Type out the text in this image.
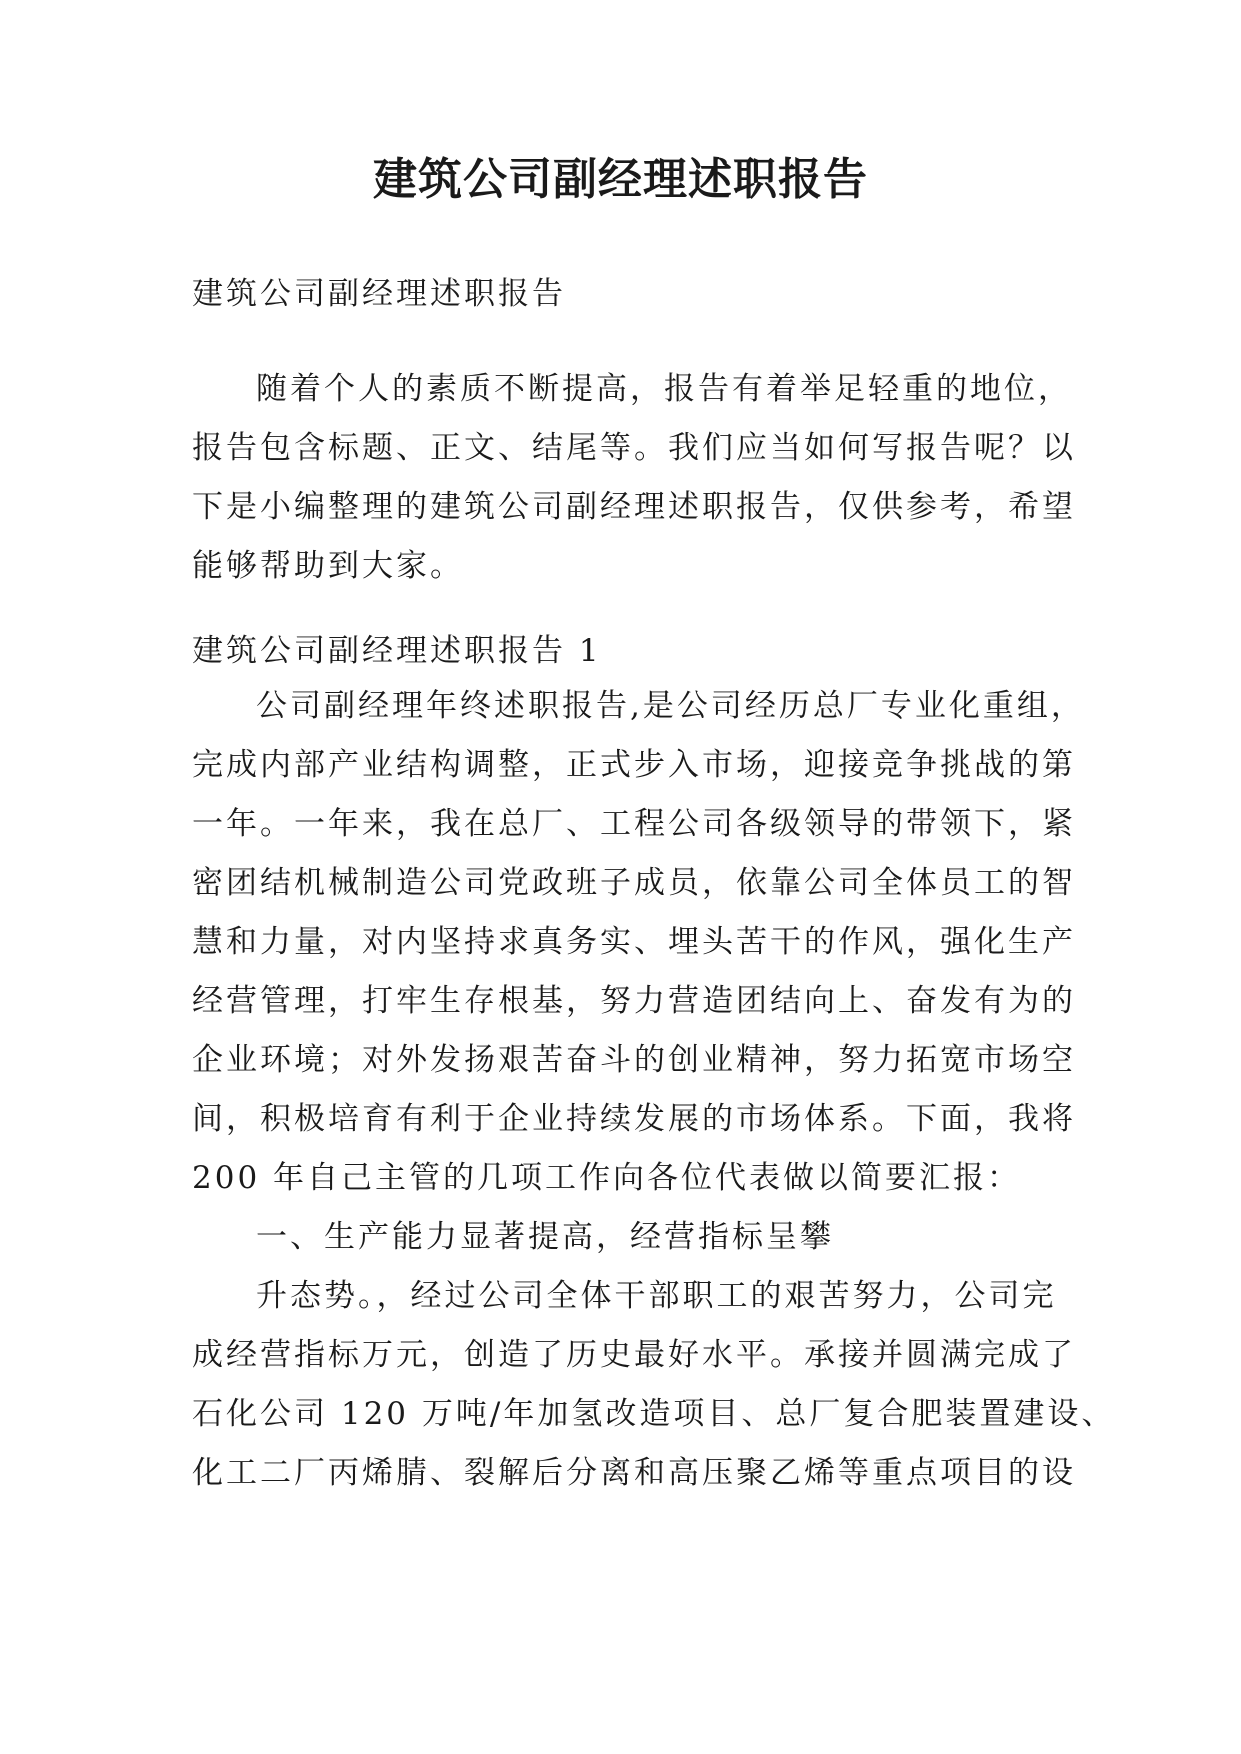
建筑公司副经理述职报告

建筑公司副经理述职报告

随着个人的素质不断提高，报告有着举足轻重的地位，
报告包含标题、正文、结尾等。我们应当如何写报告呢？以
下是小编整理的建筑公司副经理述职报告，仅供参考，希望
能够帮助到大家。

建筑公司副经理述职报告 1

公司副经理年终述职报告,是公司经历总厂专业化重组，
完成内部产业结构调整，正式步入市场，迎接竞争挑战的第
一年。一年来，我在总厂、工程公司各级领导的带领下，紧
密团结机械制造公司党政班子成员，依靠公司全体员工的智
慧和力量，对内坚持求真务实、埋头苦干的作风，强化生产
经营管理，打牢生存根基，努力营造团结向上、奋发有为的
企业环境；对外发扬艰苦奋斗的创业精神，努力拓宽市场空
间，积极培育有利于企业持续发展的市场体系。下面，我将
200 年自己主管的几项工作向各位代表做以简要汇报：

一、生产能力显著提高，经营指标呈攀

升态势。，经过公司全体干部职工的艰苦努力，公司完
成经营指标万元，创造了历史最好水平。承接并圆满完成了
石化公司 120 万吨/年加氢改造项目、总厂复合肥装置建设、
化工二厂丙烯腈、裂解后分离和高压聚乙烯等重点项目的设
